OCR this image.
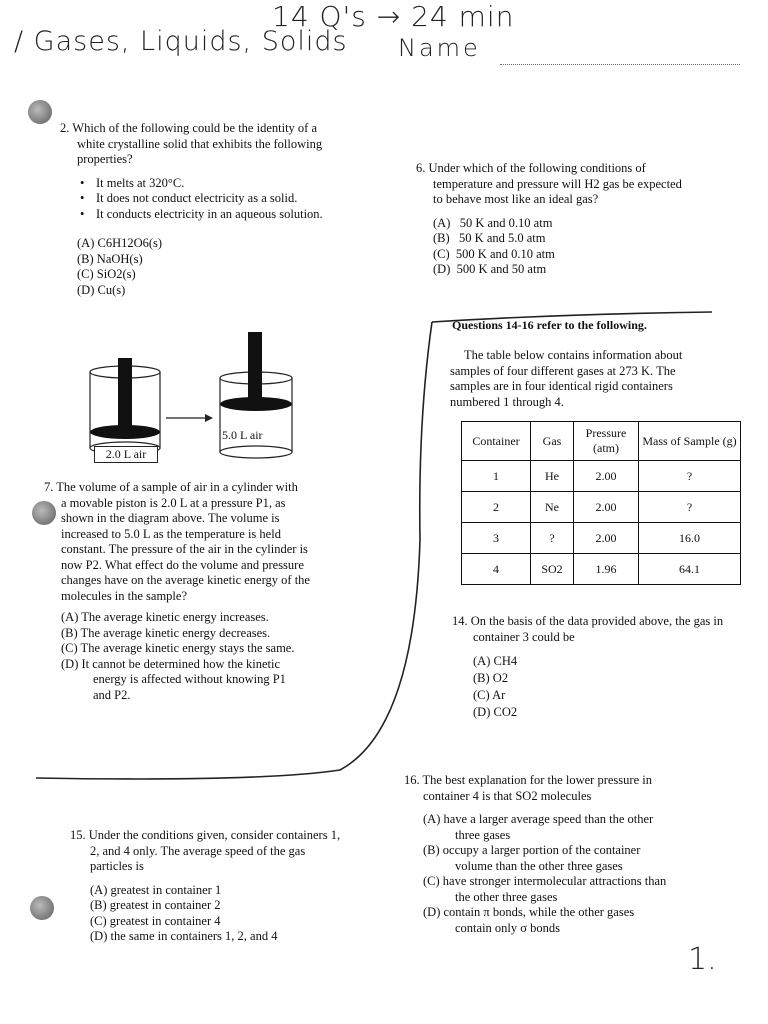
14 Q's → 24 min
/ Gases, Liquids, Solids Name

2. Which of the following could be the identity of a

white crystalline solid that exhibits the following

properties?

• It melts at 320°C.
• It does not conduct electricity as a solid.
• It conducts electricity in an aqueous solution.
(A) C6H12O6(s)
(B) NaOH(s)
(C) SiO2(s)
(D) Cu(s)

6. Under which of the following conditions of

temperature and pressure will H2 gas be expected

to behave most like an ideal gas?

(A)   50 K and 0.10 atm
(B)   50 K and 5.0 atm
(C)  500 K and 0.10 atm
(D)  500 K and 50 atm
2.0 L air
5.0 L air

7. The volume of a sample of air in a cylinder with

a movable piston is 2.0 L at a pressure P1, as

shown in the diagram above. The volume is

increased to 5.0 L as the temperature is held

constant. The pressure of the air in the cylinder is

now P2. What effect do the volume and pressure

changes have on the average kinetic energy of the

molecules in the sample?

(A) The average kinetic energy increases.
(B) The average kinetic energy decreases.
(C) The average kinetic energy stays the same.
(D) It cannot be determined how the kinetic
energy is affected without knowing P1
and P2.
Questions 14-16 refer to the following.

The table below contains information about

samples of four different gases at 273 K. The

samples are in four identical rigid containers

numbered 1 through 4.

Container	Gas	Pressure (atm)	Mass of Sample (g)
1	He	2.00	?
2	Ne	2.00	?
3	?	2.00	16.0
4	SO2	1.96	64.1

14. On the basis of the data provided above, the gas in

container 3 could be

(A) CH4
(B) O2
(C) Ar
(D) CO2

16. The best explanation for the lower pressure in

container 4 is that SO2 molecules

(A) have a larger average speed than the other
three gases
(B) occupy a larger portion of the container
volume than the other three gases
(C) have stronger intermolecular attractions than
the other three gases
(D) contain π bonds, while the other gases
contain only σ bonds

15. Under the conditions given, consider containers 1,

2, and 4 only. The average speed of the gas

particles is

(A) greatest in container 1
(B) greatest in container 2
(C) greatest in container 4
(D) the same in containers 1, 2, and 4
1.
